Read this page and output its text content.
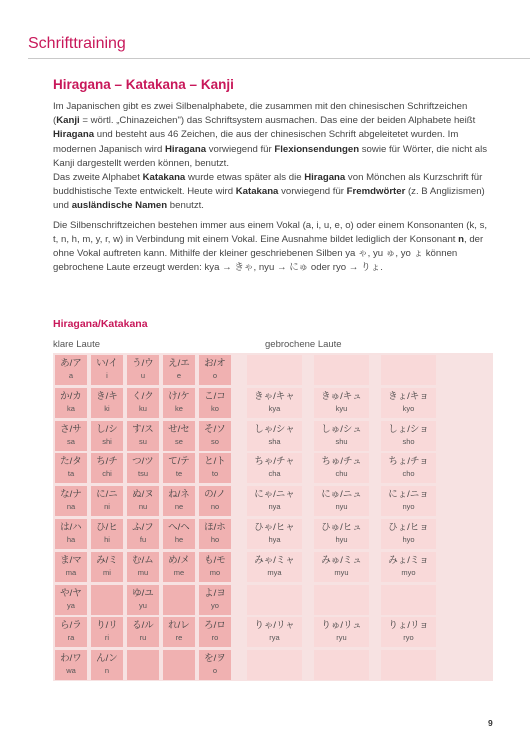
Schrifttraining
Hiragana – Katakana – Kanji

Im Japanischen gibt es zwei Silbenalphabete, die zusammen mit den chinesischen Schriftzeichen (Kanji = wörtl. „Chinazeichen") das Schriftsystem ausmachen. Das eine der beiden Alphabete heißt Hiragana und besteht aus 46 Zeichen, die aus der chinesischen Schrift abgeleitetet wurden. Im modernen Japanisch wird Hiragana vorwiegend für Flexionsendungen sowie für Wörter, die nicht als Kanji dargestellt werden können, benutzt.
Das zweite Alphabet Katakana wurde etwas später als die Hiragana von Mönchen als Kurzschrift für buddhistische Texte entwickelt. Heute wird Katakana vorwiegend für Fremdwörter (z. B Anglizismen) und ausländische Namen benutzt.

Die Silbenschriftzeichen bestehen immer aus einem Vokal (a, i, u, e, o) oder einem Konsonanten (k, s, t, n, h, m, y, r, w) in Verbindung mit einem Vokal. Eine Ausnahme bildet lediglich der Konsonant n, der ohne Vokal auftreten kann. Mithilfe der kleiner geschriebenen Silben ya ゃ, yu ゅ, yo ょ können gebrochene Laute erzeugt werden: kya → きゃ, nyu → にゅ oder ryo → りょ.

Hiragana/Katakana
klare Laute	gebrochene Laute
あ/ア
a
い/イ
i
う/ウ
u
え/エ
e
お/オ
o
か/カ
ka
き/キ
ki
く/ク
ku
け/ケ
ke
こ/コ
ko
きゃ/キャ
kya
きゅ/キュ
kyu
きょ/キョ
kyo
さ/サ
sa
し/シ
shi
す/ス
su
せ/セ
se
そ/ソ
so
しゃ/シャ
sha
しゅ/シュ
shu
しょ/ショ
sho
た/タ
ta
ち/チ
chi
つ/ツ
tsu
て/テ
te
と/ト
to
ちゃ/チャ
cha
ちゅ/チュ
chu
ちょ/チョ
cho
な/ナ
na
に/ニ
ni
ぬ/ヌ
nu
ね/ネ
ne
の/ノ
no
にゃ/ニャ
nya
にゅ/ニュ
nyu
にょ/ニョ
nyo
は/ハ
ha
ひ/ヒ
hi
ふ/フ
fu
へ/ヘ
he
ほ/ホ
ho
ひゃ/ヒャ
hya
ひゅ/ヒュ
hyu
ひょ/ヒョ
hyo
ま/マ
ma
み/ミ
mi
む/ム
mu
め/メ
me
も/モ
mo
みゃ/ミャ
mya
みゅ/ミュ
myu
みょ/ミョ
myo
や/ヤ
ya
ゆ/ユ
yu
よ/ヨ
yo
ら/ラ
ra
り/リ
ri
る/ル
ru
れ/レ
re
ろ/ロ
ro
りゃ/リャ
rya
りゅ/リュ
ryu
りょ/リョ
ryo
わ/ワ
wa
ん/ン
n
を/ヲ
o
9
